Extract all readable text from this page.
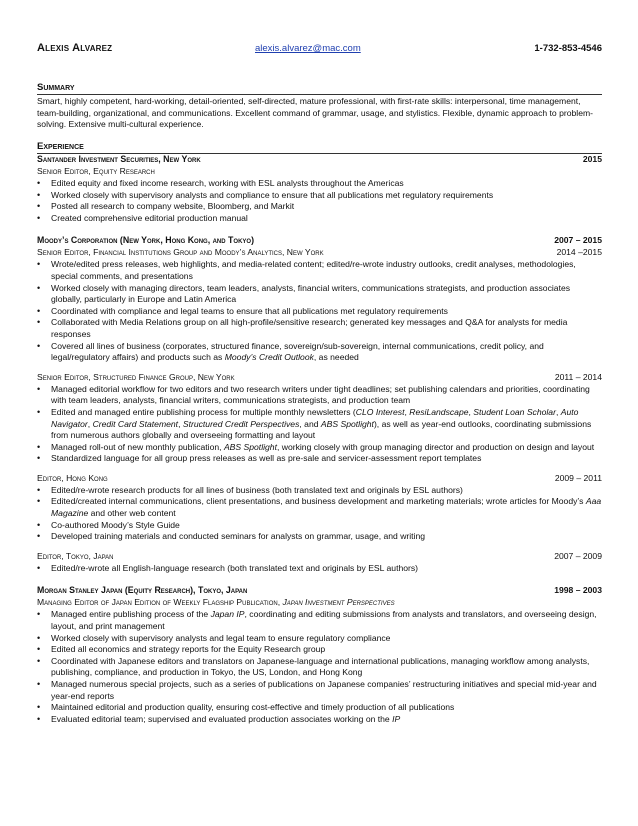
Alexis Alvarez	alexis.alvarez@mac.com	1-732-853-4546
Summary
Smart, highly competent, hard-working, detail-oriented, self-directed, mature professional, with first-rate skills: interpersonal, time management, team-building, organizational, and communications. Excellent command of grammar, usage, and stylistics. Flexible, dynamic approach to problem-solving. Extensive multi-cultural experience.
Experience
Santander Investment Securities, New York	2015
Senior Editor, Equity Research
• Edited equity and fixed income research, working with ESL analysts throughout the Americas
• Worked closely with supervisory analysts and compliance to ensure that all publications met regulatory requirements
• Posted all research to company website, Bloomberg, and Markit
• Created comprehensive editorial production manual
Moody’s Corporation (New York, Hong Kong, and Tokyo)	2007 – 2015
Senior Editor, Financial Institutions Group and Moody’s Analytics, New York	2014 –2015
• Wrote/edited press releases, web highlights, and media-related content; edited/re-wrote industry outlooks, credit analyses, methodologies, special comments, and presentations
• Worked closely with managing directors, team leaders, analysts, financial writers, communications strategists, and production associates globally, particularly in Europe and Latin America
• Coordinated with compliance and legal teams to ensure that all publications met regulatory requirements
• Collaborated with Media Relations group on all high-profile/sensitive research; generated key messages and Q&A for analysts for media responses
• Covered all lines of business (corporates, structured finance, sovereign/sub-sovereign, internal communications, credit policy, and legal/regulatory affairs) and products such as Moody’s Credit Outlook, as needed
Senior Editor, Structured Finance Group, New York	2011 – 2014
• Managed editorial workflow for two editors and two research writers under tight deadlines; set publishing calendars and priorities, coordinating with team leaders, analysts, financial writers, communications strategists, and production team
• Edited and managed entire publishing process for multiple monthly newsletters (CLO Interest, ResiLandscape, Student Loan Scholar, Auto Navigator, Credit Card Statement, Structured Credit Perspectives, and ABS Spotlight), as well as year-end outlooks, coordinating submissions from numerous authors globally and overseeing formatting and layout
• Managed roll-out of new monthly publication, ABS Spotlight, working closely with group managing director and production on design and layout
• Standardized language for all group press releases as well as pre-sale and servicer-assessment report templates
Editor, Hong Kong	2009 – 2011
• Edited/re-wrote research products for all lines of business (both translated text and originals by ESL authors)
• Edited/created internal communications, client presentations, and business development and marketing materials; wrote articles for Moody’s Aaa Magazine and other web content
• Co-authored Moody’s Style Guide
• Developed training materials and conducted seminars for analysts on grammar, usage, and writing
Editor, Tokyo, Japan	2007 – 2009
• Edited/re-wrote all English-language research (both translated text and originals by ESL authors)
Morgan Stanley Japan (Equity Research), Tokyo, Japan	1998 – 2003
Managing Editor of Japan Edition of Weekly Flagship Publication, Japan Investment Perspectives
• Managed entire publishing process of the Japan IP, coordinating and editing submissions from analysts and translators, and overseeing design, layout, and print management
• Worked closely with supervisory analysts and legal team to ensure regulatory compliance
• Edited all economics and strategy reports for the Equity Research group
• Coordinated with Japanese editors and translators on Japanese-language and international publications, managing workflow among analysts, publishing, compliance, and production in Tokyo, the US, London, and Hong Kong
• Managed numerous special projects, such as a series of publications on Japanese companies’ restructuring initiatives and special mid-year and year-end reports
• Maintained editorial and production quality, ensuring cost-effective and timely production of all publications
• Evaluated editorial team; supervised and evaluated production associates working on the IP
